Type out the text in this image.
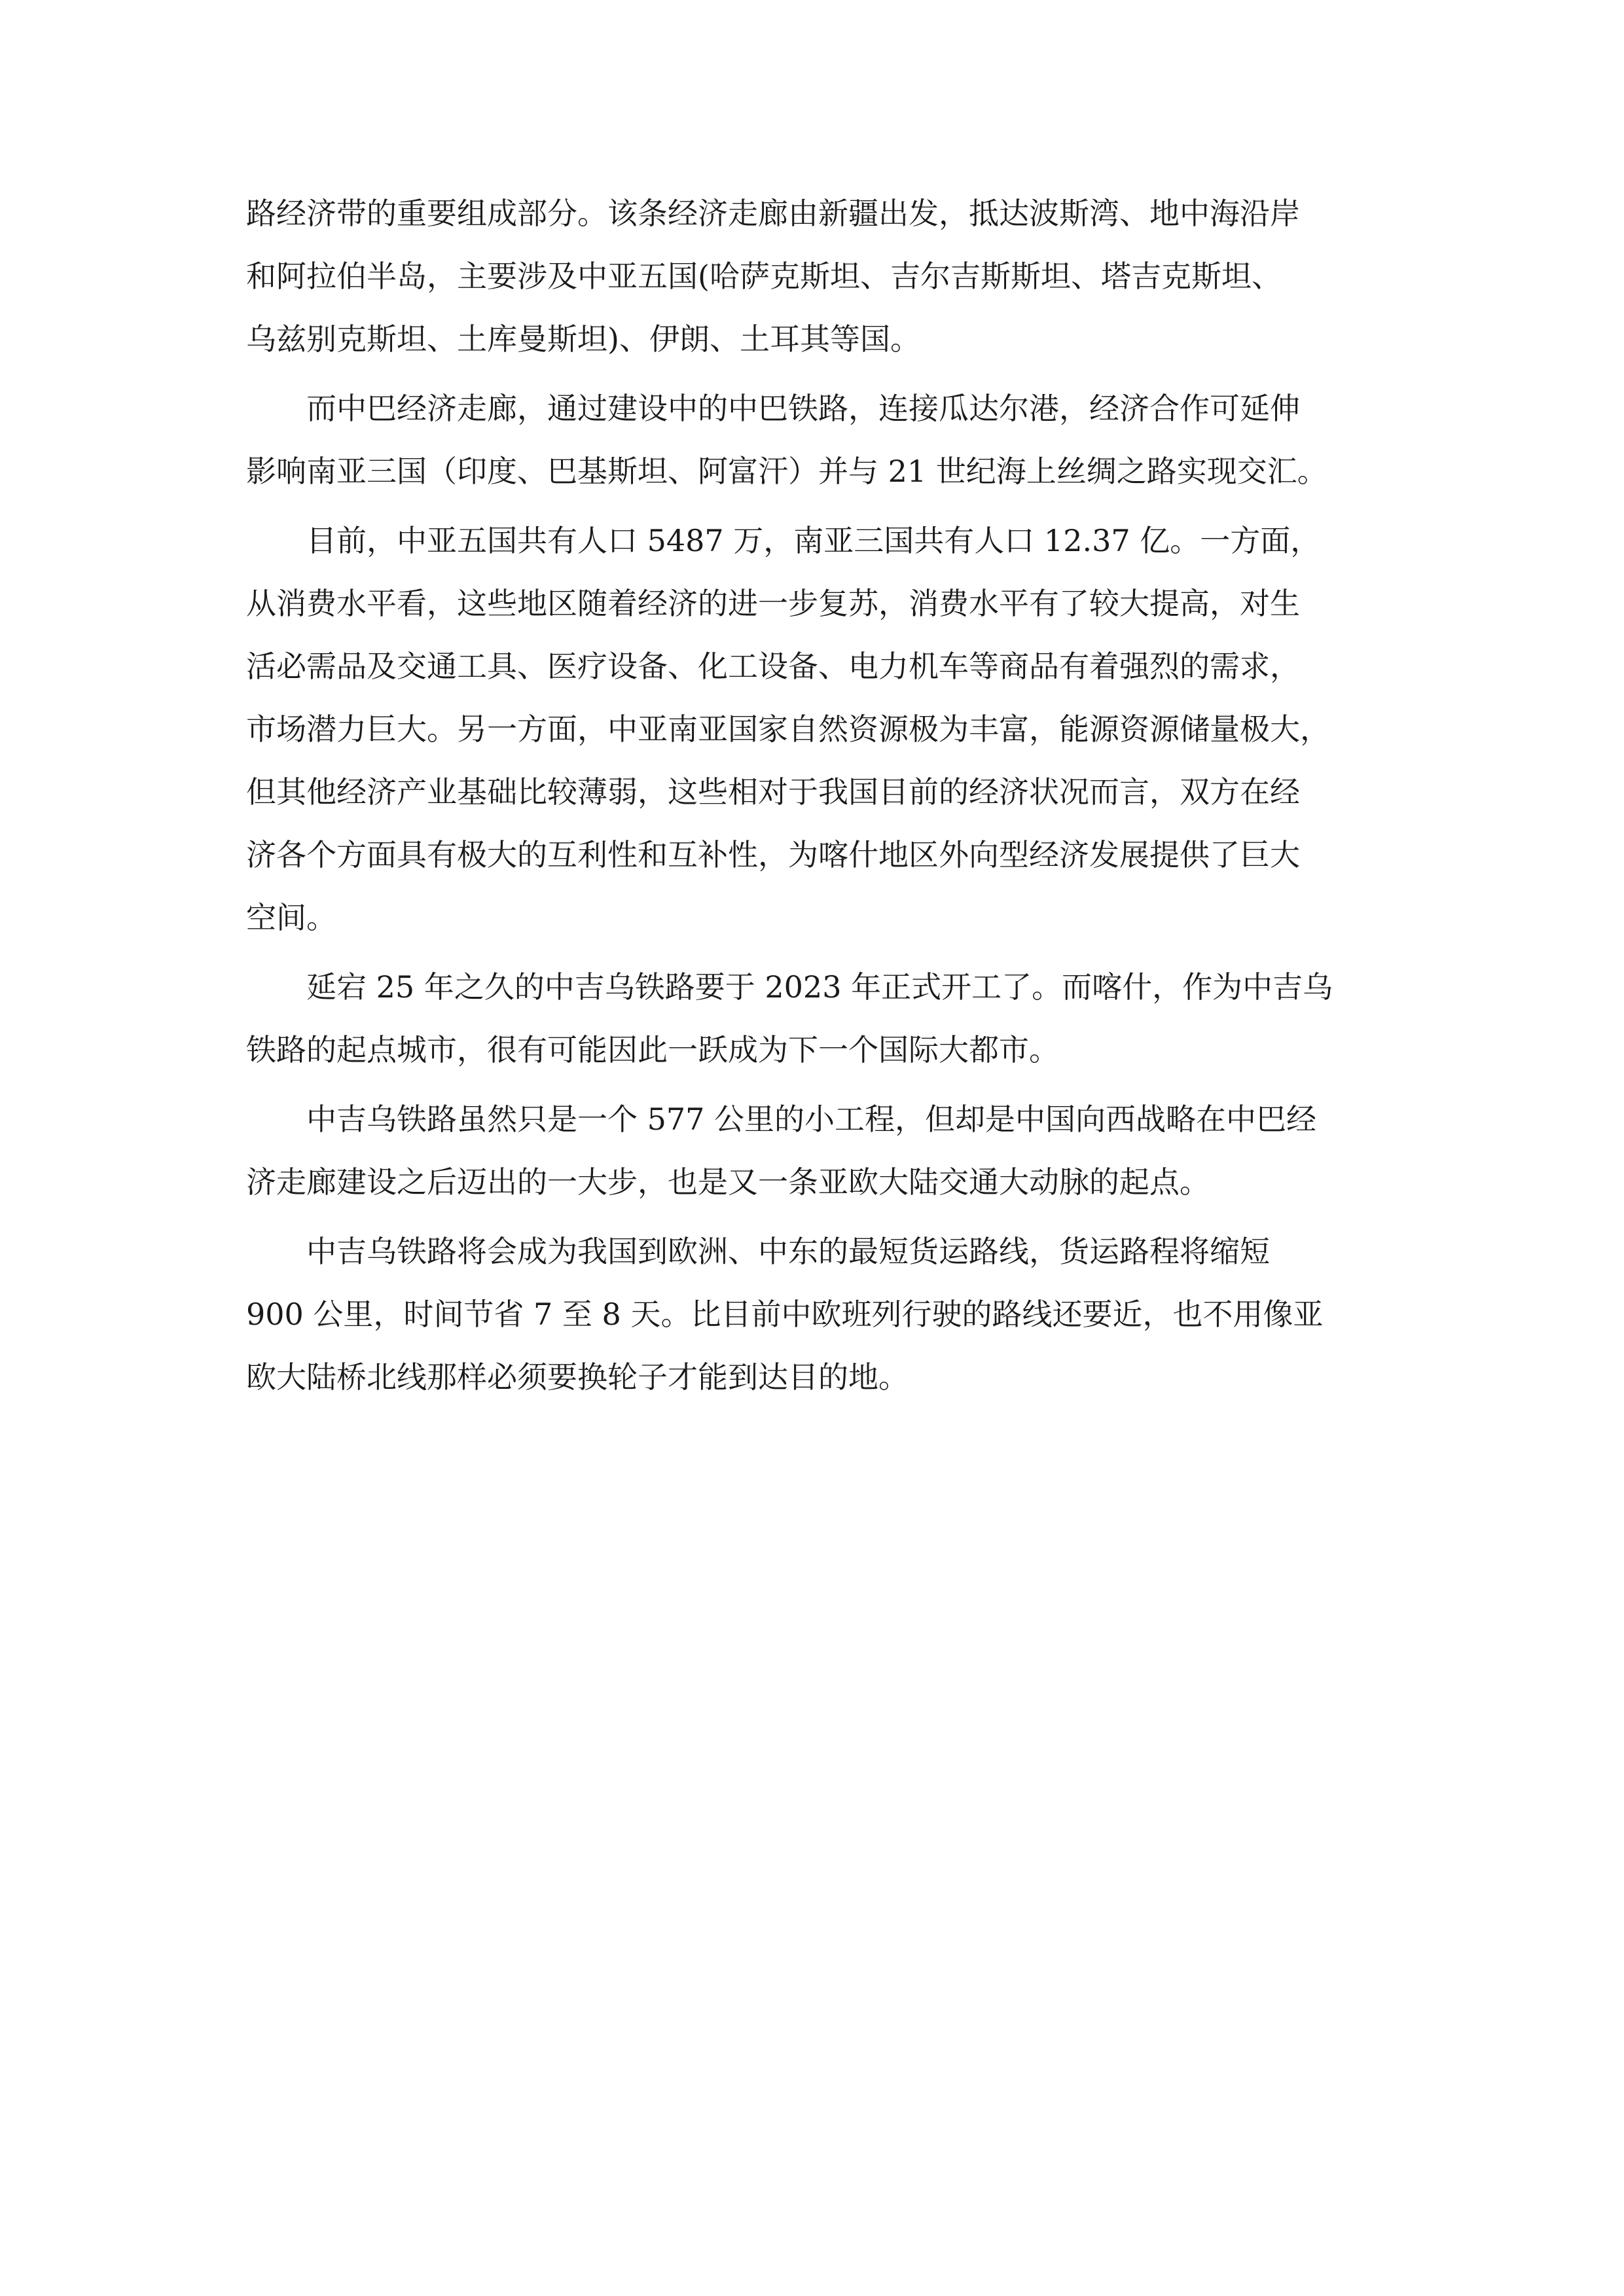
路经济带的重要组成部分。该条经济走廊由新疆出发，抵达波斯湾、地中海沿岸
和阿拉伯半岛，主要涉及中亚五国(哈萨克斯坦、吉尔吉斯斯坦、塔吉克斯坦、
乌兹别克斯坦、土库曼斯坦)、伊朗、土耳其等国。
而中巴经济走廊，通过建设中的中巴铁路，连接瓜达尔港，经济合作可延伸
影响南亚三国（印度、巴基斯坦、阿富汗）并与 21 世纪海上丝绸之路实现交汇。
目前，中亚五国共有人口 5487 万，南亚三国共有人口 12.37 亿。一方面，
从消费水平看，这些地区随着经济的进一步复苏，消费水平有了较大提高，对生
活必需品及交通工具、医疗设备、化工设备、电力机车等商品有着强烈的需求，
市场潜力巨大。另一方面，中亚南亚国家自然资源极为丰富，能源资源储量极大，
但其他经济产业基础比较薄弱，这些相对于我国目前的经济状况而言，双方在经
济各个方面具有极大的互利性和互补性，为喀什地区外向型经济发展提供了巨大
空间。
延宕 25 年之久的中吉乌铁路要于 2023 年正式开工了。而喀什，作为中吉乌
铁路的起点城市，很有可能因此一跃成为下一个国际大都市。
中吉乌铁路虽然只是一个 577 公里的小工程，但却是中国向西战略在中巴经
济走廊建设之后迈出的一大步，也是又一条亚欧大陆交通大动脉的起点。
中吉乌铁路将会成为我国到欧洲、中东的最短货运路线，货运路程将缩短
900 公里，时间节省 7 至 8 天。比目前中欧班列行驶的路线还要近，也不用像亚
欧大陆桥北线那样必须要换轮子才能到达目的地。
